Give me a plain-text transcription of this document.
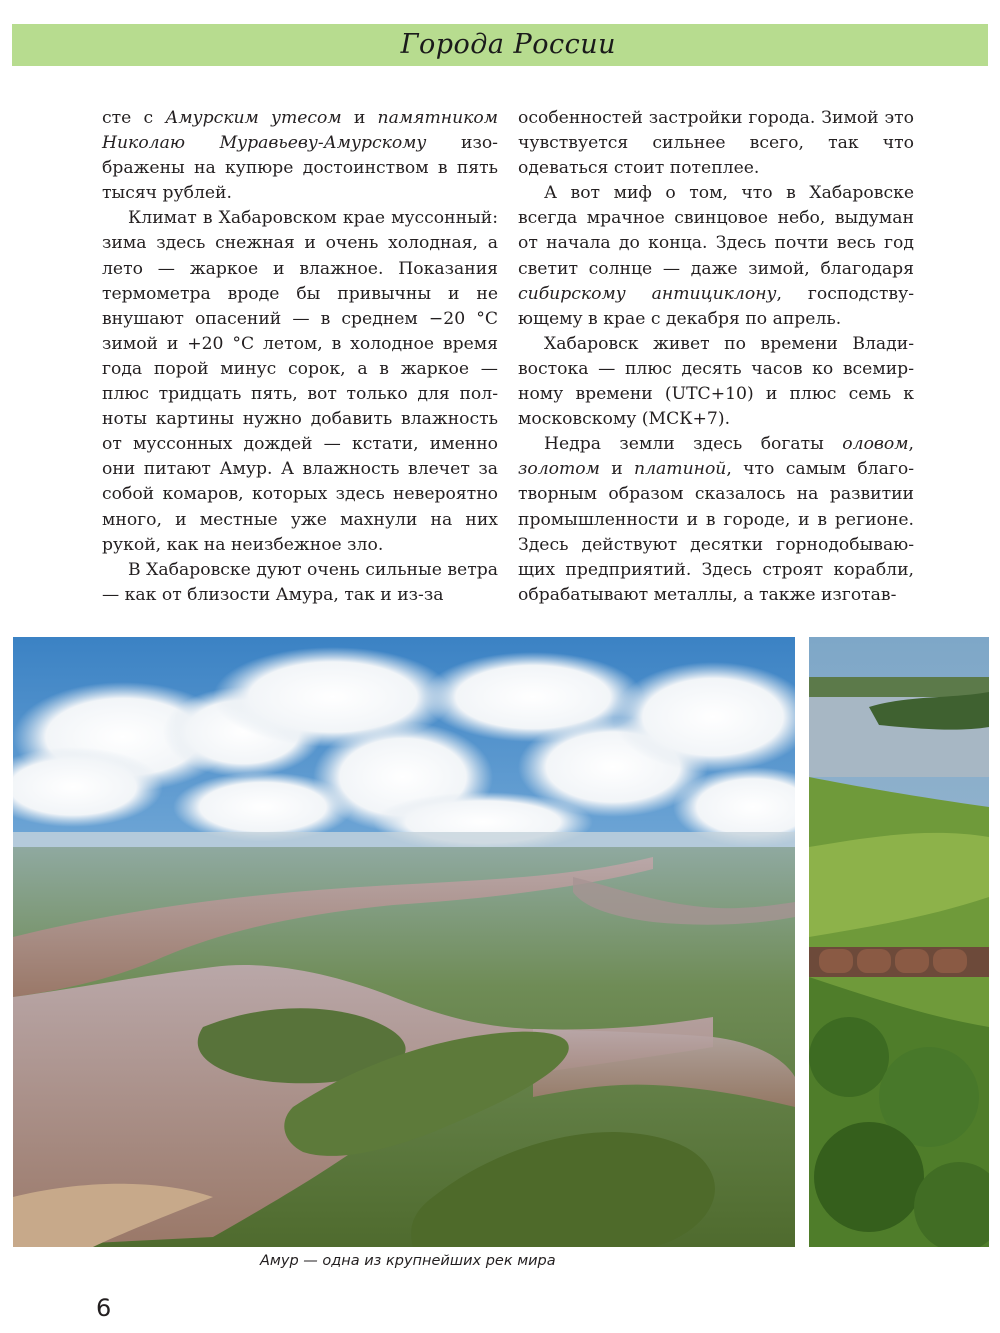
Города России

сте с Амурским утесом и памятником Николаю Муравьеву-Амурскому изображены на купюре достоинством в пять тысяч рублей.

Климат в Хабаровском крае муссонный: зима здесь снежная и очень холодная, а лето — жаркое и влажное. Показания термометра вроде бы привычны и не внушают опасений — в среднем −20 °C зимой и +20 °C летом, в холодное время года порой минус сорок, а в жаркое — плюс тридцать пять, вот только для полноты картины нужно добавить влажность от муссонных дождей — кстати, именно они питают Амур. А влажность влечет за собой комаров, которых здесь невероятно много, и местные уже махнули на них рукой, как на неизбежное зло.

В Хабаровске дуют очень сильные ветра — как от близости Амура, так и из-за

особенностей застройки города. Зимой это чувствуется сильнее всего, так что одеваться стоит потеплее.

А вот миф о том, что в Хабаровске всегда мрачное свинцовое небо, выдуман от начала до конца. Здесь почти весь год светит солнце — даже зимой, благодаря сибирскому антициклону, господствующему в крае с декабря по апрель.

Хабаровск живет по времени Владивостока — плюс десять часов ко всемирному времени (UTC+10) и плюс семь к московскому (МСК+7).

Недра земли здесь богаты оловом, золотом и платиной, что самым благотворным образом сказалось на развитии промышленности и в городе, и в регионе. Здесь действуют десятки горнодобывающих предприятий. Здесь строят корабли, обрабатывают металлы, а также изготав-

Амур — одна из крупнейших рек мира
6
